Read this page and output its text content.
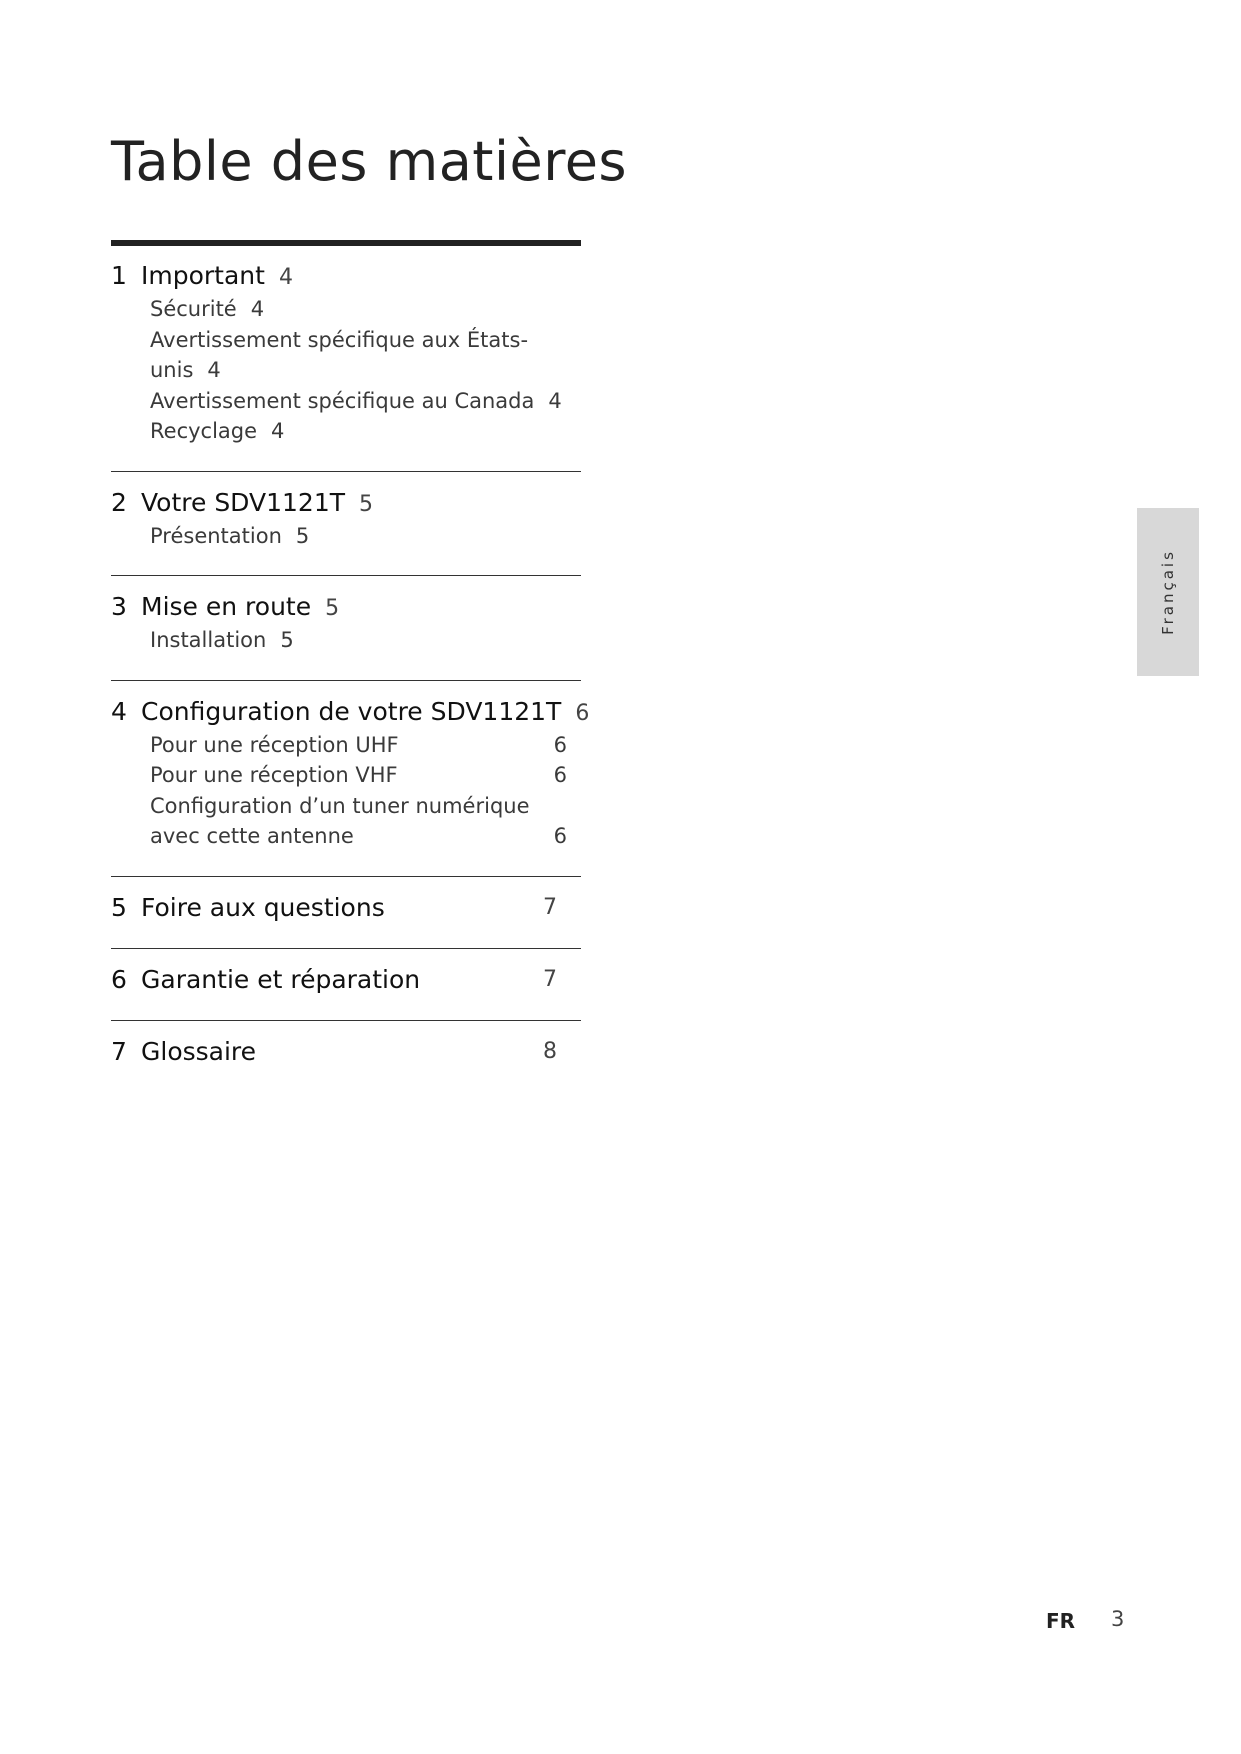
Table des matières
1 Important 4
Sécurité 4
Avertissement spécifique aux États-unis 4
Avertissement spécifique au Canada 4
Recyclage 4
2 Votre SDV1121T 5
Présentation 5
3 Mise en route 5
Installation 5
4 Configuration de votre SDV1121T 6
Pour une réception UHF	6
Pour une réception VHF	6
Configuration d’un tuner numérique
avec cette antenne	6
5 Foire aux questions	7
6 Garantie et réparation	7
7 Glossaire	8
Français
FR 3
